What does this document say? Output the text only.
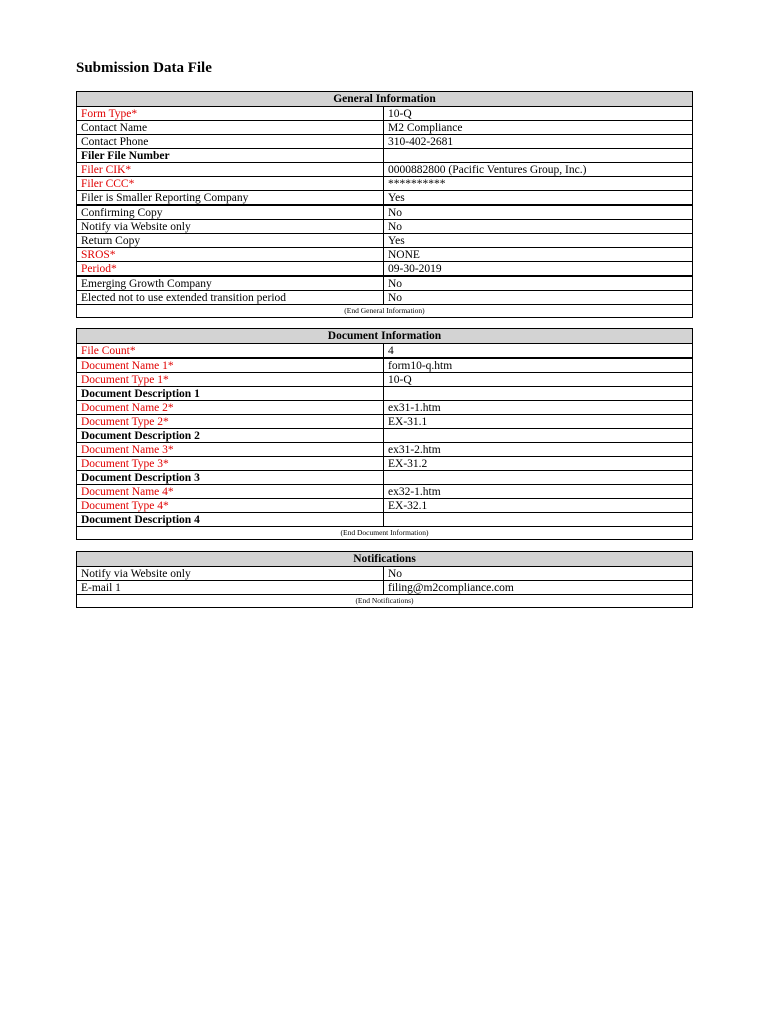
Submission Data File
General Information
Form Type*	10-Q
Contact Name	M2 Compliance
Contact Phone	310-402-2681
Filer File Number
Filer CIK*	0000882800 (Pacific Ventures Group, Inc.)
Filer CCC*	**********
Filer is Smaller Reporting Company	Yes
Confirming Copy	No
Notify via Website only	No
Return Copy	Yes
SROS*	NONE
Period*	09-30-2019
Emerging Growth Company	No
Elected not to use extended transition period	No
(End General Information)
Document Information
File Count*	4
Document Name 1*	form10-q.htm
Document Type 1*	10-Q
Document Description 1
Document Name 2*	ex31-1.htm
Document Type 2*	EX-31.1
Document Description 2
Document Name 3*	ex31-2.htm
Document Type 3*	EX-31.2
Document Description 3
Document Name 4*	ex32-1.htm
Document Type 4*	EX-32.1
Document Description 4
(End Document Information)
Notifications
Notify via Website only	No
E-mail 1	filing@m2compliance.com
(End Notifications)
